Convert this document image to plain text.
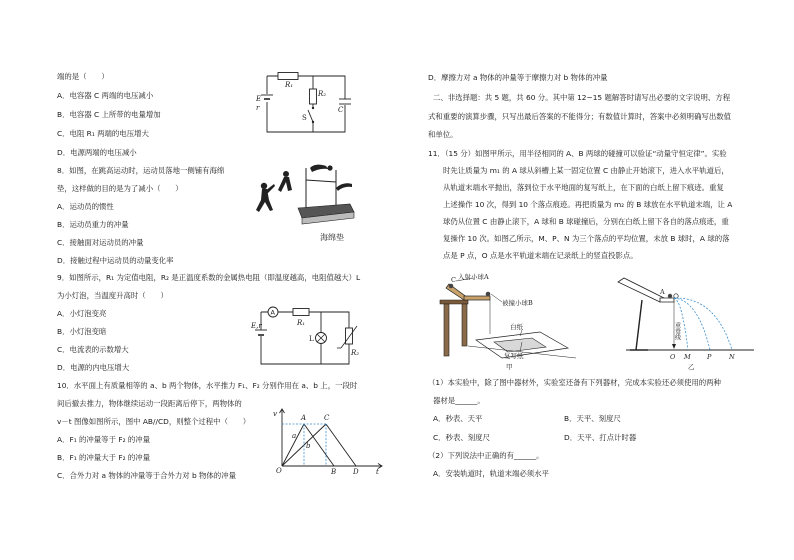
端的是（　　）
A．电容器 C 两端的电压减小
B．电容器 C 上所带的电量增加
C．电阻 R₁ 两端的电压增大
D．电源两端的电压减小
8．如图，在跳高运动时，运动员落地一侧铺有海绵
垫，这样做的目的是为了减小（　　）
A．运动员的惯性
B．运动员重力的冲量
C．接触面对运动员的冲量
D．接触过程中运动员的动量变化率
9．如图所示，R₁ 为定值电阻，R₂ 是正温度系数的金属热电阻（即温度越高，电阻值越大）L
为小灯泡，当温度升高时（　　）
A．小灯泡变亮
B．小灯泡变暗
C．电流表的示数增大
D．电源的内电压增大
10．水平面上有质量相等的 a、b 两个物体，水平推力 F₁、F₂ 分别作用在 a、b 上，一段时
间后撤去推力，物体继续运动一段距离后停下，两物体的
v－t 图像如图所示，图中 AB//CD，则整个过程中（　　）
A．F₁ 的冲量等于 F₂ 的冲量
B．F₁ 的冲量大于 F₂ 的冲量
C．合外力对 a 物体的冲量等于合外力对 b 物体的冲量
D．摩擦力对 a 物体的冲量等于摩擦力对 b 物体的冲量
二、非选择题：共 5 题，共 60 分。其中第 12~15 题解答时请写出必要的文字说明、方程
式和重要的演算步骤，只写出最后答案的不能得分；有数值计算时，答案中必须明确写出数值
和单位。
11．（15 分）如图甲所示，用半径相同的 A、B 两球的碰撞可以验证“动量守恒定律”。实验
时先让质量为 m₁ 的 A 球从斜槽上某一固定位置 C 由静止开始滚下，进入水平轨道后，
从轨道末端水平抛出，落到位于水平地面的复写纸上，在下面的白纸上留下痕迹。重复
上述操作 10 次，得到 10 个落点痕迹。再把质量为 m₂ 的 B 球放在水平轨道末端，让 A
球仍从位置 C 由静止滚下，A 球和 B 球碰撞后，分别在白纸上留下各自的落点痕迹，重
复操作 10 次。如图乙所示，M、P、N 为三个落点的平均位置，未放 B 球时，A 球的落
点是 P 点，O 点是水平轨道末端在记录纸上的竖直投影点。
（1）本实验中，除了图中器材外，实验室还备有下列器材，完成本实验还必须使用的两种
器材是______。
A．秒表、天平	B．天平、刻度尺
C．秒表、刻度尺	D．天平、打点计时器
（2）下列说法中正确的有______。
A．安装轨道时，轨道末端必须水平
R₁
R₂
E
r
S
C
海绵垫
A
R₁
E,r
L
R₂
v	A	C
a
b
O	B D t
C 入射小球A
被撞小球B
白纸
复写纸
甲
A
重垂线
O M	P	N
乙
